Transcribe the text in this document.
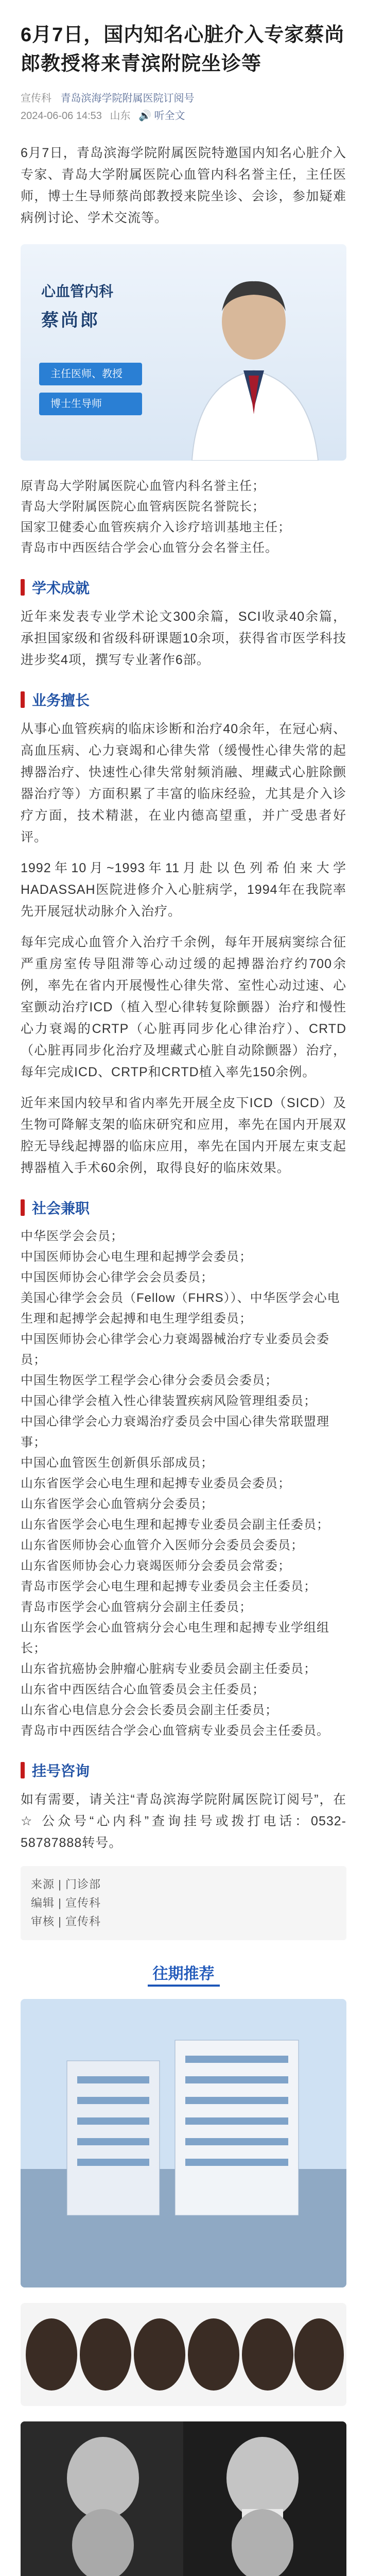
6月7日，国内知名心脏介入专家蔡尚郎教授将来青滨附院坐诊等
宣传科 青岛滨海学院附属医院订阅号
2024-06-06 14:53 山东 🔊 听全文

6月7日，青岛滨海学院附属医院特邀国内知名心脏介入专家、青岛大学附属医院心血管内科名誉主任，主任医师，博士生导师蔡尚郎教授来院坐诊、会诊，参加疑难病例讨论、学术交流等。

心血管内科
蔡尚郎
主任医师、教授
博士生导师
原青岛大学附属医院心血管内科名誉主任；
青岛大学附属医院心血管病医院名誉院长；
国家卫健委心血管疾病介入诊疗培训基地主任；
青岛市中西医结合学会心血管分会名誉主任。
学术成就

近年来发表专业学术论文300余篇，SCI收录40余篇，承担国家级和省级科研课题10余项，获得省市医学科技进步奖4项，撰写专业著作6部。

业务擅长

从事心血管疾病的临床诊断和治疗40余年，在冠心病、高血压病、心力衰竭和心律失常（缓慢性心律失常的起搏器治疗、快速性心律失常射频消融、埋藏式心脏除颤器治疗等）方面积累了丰富的临床经验，尤其是介入诊疗方面，技术精湛，在业内德高望重，并广受患者好评。

1992年10月~1993年11月赴以色列希伯来大学HADASSAH医院进修介入心脏病学，1994年在我院率先开展冠状动脉介入治疗。

每年完成心血管介入治疗千余例，每年开展病窦综合征严重房室传导阻滞等心动过缓的起搏器治疗约700余例，率先在省内开展慢性心律失常、室性心动过速、心室颤动治疗ICD（植入型心律转复除颤器）治疗和慢性心力衰竭的CRTP（心脏再同步化心律治疗）、CRTD（心脏再同步化治疗及埋藏式心脏自动除颤器）治疗，每年完成ICD、CRTP和CRTD植入率先150余例。

近年来国内较早和省内率先开展全皮下ICD（SICD）及生物可降解支架的临床研究和应用，率先在国内开展双腔无导线起搏器的临床应用，率先在国内开展左束支起搏器植入手术60余例，取得良好的临床效果。

社会兼职
中华医学会会员；
中国医师协会心电生理和起搏学会委员；
中国医师协会心律学会会员委员；
美国心律学会会员（Fellow（FHRS））、中华医学会心电生理和起搏学会起搏和电生理学组委员；
中国医师协会心律学会心力衰竭器械治疗专业委员会委员；
中国生物医学工程学会心律分会委员会委员；
中国心律学会植入性心律装置疾病风险管理组委员；
中国心律学会心力衰竭治疗委员会中国心律失常联盟理事；
中国心血管医生创新俱乐部成员；
山东省医学会心电生理和起搏专业委员会委员；
山东省医学会心血管病分会委员；
山东省医学会心电生理和起搏专业委员会副主任委员；
山东省医师协会心血管介入医师分会委员会委员；
山东省医师协会心力衰竭医师分会委员会常委；
青岛市医学会心电生理和起搏专业委员会主任委员；
青岛市医学会心血管病分会副主任委员；
山东省医学会心血管病分会心电生理和起搏专业学组组长；
山东省抗癌协会肿瘤心脏病专业委员会副主任委员；
山东省中西医结合心血管委员会主任委员；
山东省心电信息分会会长委员会副主任委员；
青岛市中西医结合学会心血管病专业委员会主任委员。
挂号咨询

如有需要，请关注“青岛滨海学院附属医院订阅号”，在 ☆ 公众号“心内科”查询挂号或拨打电话：0532-58787888转号。

来源 | 门诊部
编辑 | 宣传科
审核 | 宣传科
往期推荐
